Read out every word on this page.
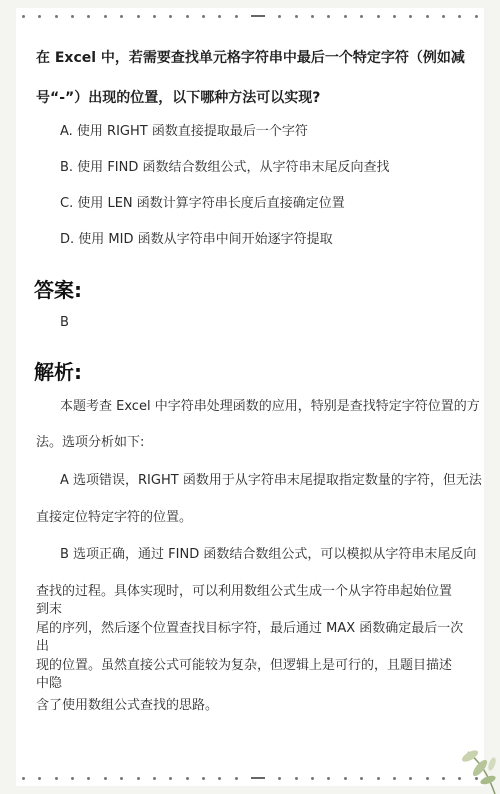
在 Excel 中，若需要查找单元格字符串中最后一个特定字符（例如减
号“-”）出现的位置，以下哪种方法可以实现?
A. 使用 RIGHT 函数直接提取最后一个字符
B. 使用 FIND 函数结合数组公式，从字符串末尾反向查找
C. 使用 LEN 函数计算字符串长度后直接确定位置
D. 使用 MID 函数从字符串中间开始逐字符提取
答案:
B
解析:
本题考查 Excel 中字符串处理函数的应用，特别是查找特定字符位置的方
法。选项分析如下:
A 选项错误，RIGHT 函数用于从字符串末尾提取指定数量的字符，但无法
直接定位特定字符的位置。
B 选项正确，通过 FIND 函数结合数组公式，可以模拟从字符串末尾反向
查找的过程。具体实现时，可以利用数组公式生成一个从字符串起始位置到末
尾的序列，然后逐个位置查找目标字符，最后通过 MAX 函数确定最后一次出
现的位置。虽然直接公式可能较为复杂，但逻辑上是可行的，且题目描述中隐
含了使用数组公式查找的思路。
